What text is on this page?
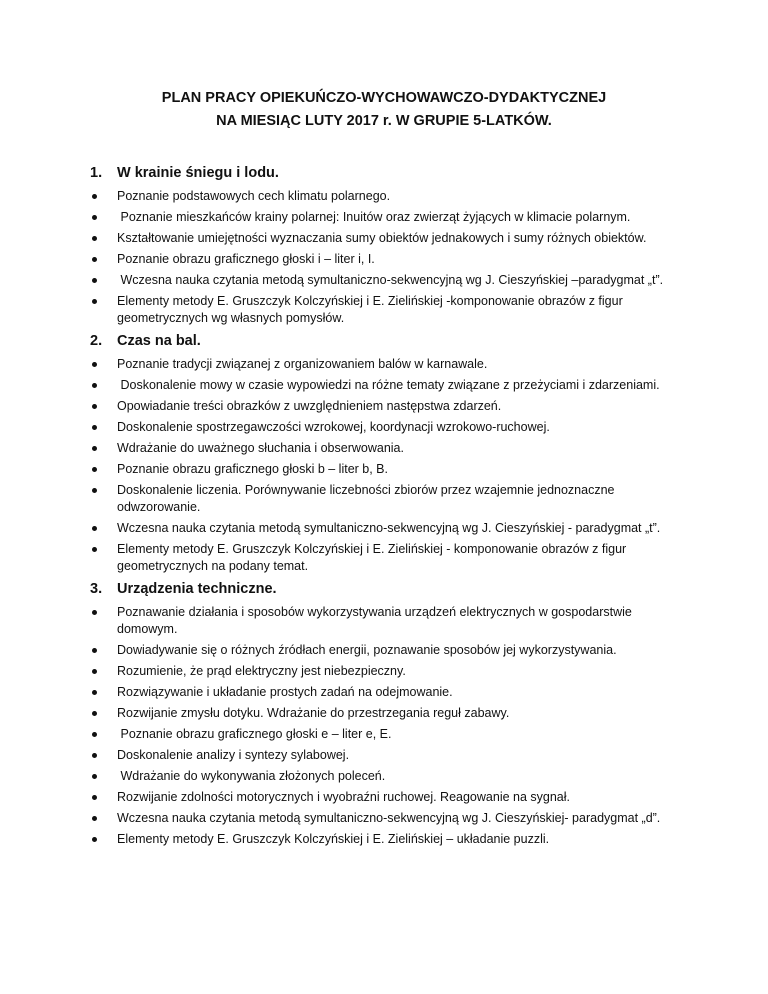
PLAN PRACY OPIEKUŃCZO-WYCHOWAWCZO-DYDAKTYCZNEJ
NA MIESIĄC LUTY 2017 r. W GRUPIE 5-LATKÓW.
1.	W krainie śniegu i lodu.
Poznanie podstawowych cech klimatu polarnego.
Poznanie mieszkańców krainy polarnej: Inuitów oraz zwierząt żyjących w klimacie polarnym.
Kształtowanie umiejętności wyznaczania sumy obiektów jednakowych i sumy różnych obiektów.
Poznanie obrazu graficznego głoski i – liter i, I.
Wczesna nauka czytania metodą symultaniczno-sekwencyjną wg J. Cieszyńskiej –paradygmat „t”.
Elementy metody E. Gruszczyk Kolczyńskiej i E. Zielińskiej -komponowanie obrazów z figur geometrycznych wg własnych pomysłów.
2.	Czas na bal.
Poznanie tradycji związanej z organizowaniem balów w karnawale.
Doskonalenie mowy w czasie wypowiedzi na różne tematy związane z przeżyciami i zdarzeniami.
Opowiadanie treści obrazków z uwzględnieniem następstwa zdarzeń.
Doskonalenie spostrzegawczości wzrokowej, koordynacji wzrokowo-ruchowej.
Wdrażanie do uważnego słuchania i obserwowania.
Poznanie obrazu graficznego głoski b – liter b, B.
Doskonalenie liczenia. Porównywanie liczebności zbiorów przez wzajemnie jednoznaczne odwzorowanie.
Wczesna nauka czytania metodą symultaniczno-sekwencyjną wg J. Cieszyńskiej - paradygmat „t”.
Elementy metody E. Gruszczyk Kolczyńskiej i E. Zielińskiej - komponowanie obrazów z figur geometrycznych na podany temat.
3.	Urządzenia techniczne.
Poznawanie działania i sposobów wykorzystywania urządzeń elektrycznych w gospodarstwie domowym.
Dowiadywanie się o różnych źródłach energii, poznawanie sposobów jej wykorzystywania.
Rozumienie, że prąd elektryczny jest niebezpieczny.
Rozwiązywanie i układanie prostych zadań na odejmowanie.
Rozwijanie zmysłu dotyku. Wdrażanie do przestrzegania reguł zabawy.
Poznanie obrazu graficznego głoski e – liter e, E.
Doskonalenie analizy i syntezy sylabowej.
Wdrażanie do wykonywania złożonych poleceń.
Rozwijanie zdolności motorycznych i wyobraźni ruchowej. Reagowanie na sygnał.
Wczesna nauka czytania metodą symultaniczno-sekwencyjną wg J. Cieszyńskiej- paradygmat „d”.
Elementy metody E. Gruszczyk Kolczyńskiej i E. Zielińskiej – układanie puzzli.
